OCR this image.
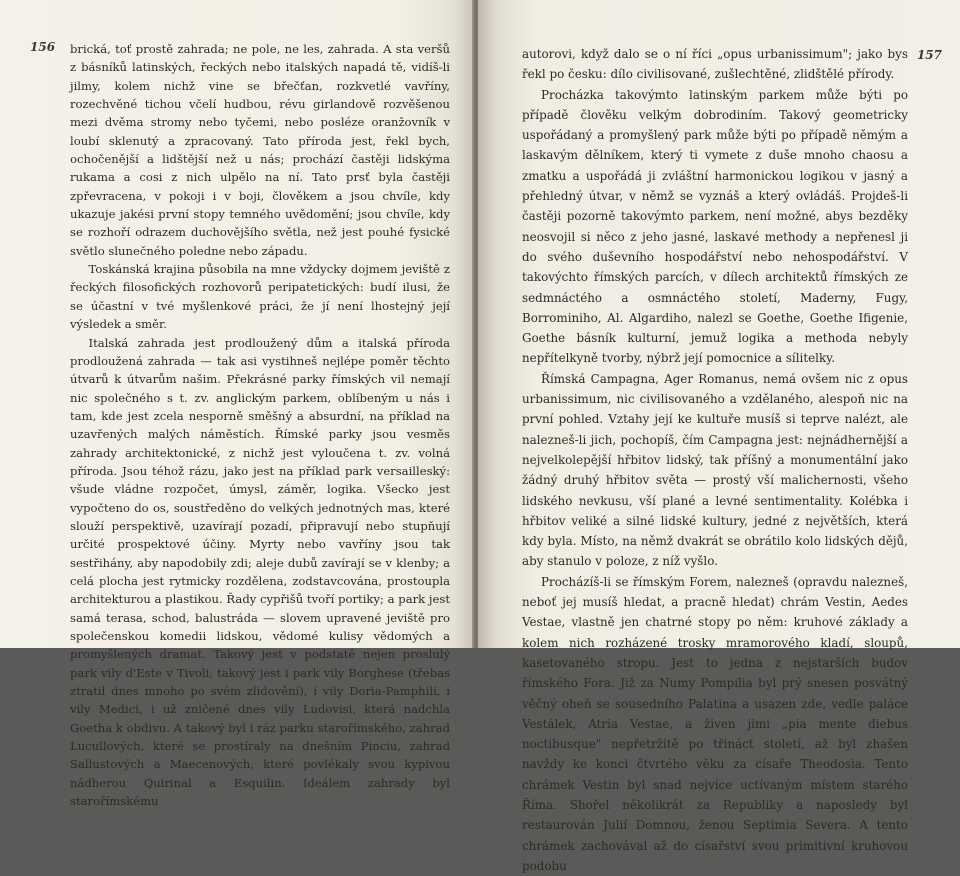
156 brická, toť prostě zahrada; ne pole, ne les, zahrada. A sta veršů z básníků latinských, řeckých nebo italských napadá tě, vidíš-li jilmy, kolem nichž vine se břečťan, rozkvetlé vavříny, rozechvěné tichou včelí hudbou, révu girlandově rozvěšenou mezi dvěma stromy nebo tyčemi, nebo posléze oranžovník v loubí sklenutý a zpracovaný. Tato příroda jest, řekl bych, ochočenější a lidštější než u nás; prochází častěji lidskýma rukama a cosi z nich ulpělo na ní. Tato prsť byla častěji zpřevracena, v pokoji i v boji, člověkem a jsou chvíle, kdy ukazuje jakési první stopy temného uvědomění; jsou chvíle, kdy se rozhoří odrazem duchovějšího světla, než jest pouhé fysické světlo slunečného poledne nebo západu.

Toskánská krajina působila na mne vždycky dojmem jeviště z řeckých filosofických rozhovorů peripatetických: budí ilusi, že se účastní v tvé myšlenkové práci, že jí není lhostejný její výsledek a směr.

Italská zahrada jest prodloužený dům a italská příroda prodloužená zahrada — tak asi vystihneš nejlépe poměr těchto útvarů k útvarům našim. Překrásné parky římských vil nemají nic společného s t. zv. anglickým parkem, oblíbeným u nás i tam, kde jest zcela nesporně směšný a absurdní, na příklad na uzavřených malých náměstích. Římské parky jsou vesměs zahrady architektonické, z nichž jest vyloučena t. zv. volná příroda. Jsou téhož rázu, jako jest na příklad park versailleský: všude vládne rozpočet, úmysl, záměr, logika. Všecko jest vypočteno do os, soustředěno do velkých jednotných mas, které slouží perspektivě, uzavírají pozadí, připravují nebo stupňují určité prospektové účiny. Myrty nebo vavříny jsou tak sestřihány, aby napodobily zdi; aleje dubů zavírají se v klenby; a celá plocha jest rytmicky rozdělena, zodstavcována, prostoupla architekturou a plastikou. Řady cypřišů tvoří portiky; a park jest samá terasa, schod, balustráda — slovem upravené jeviště pro společenskou komedii lidskou, vědomé kulisy vědomých a promyšlených dramat. Takový jest v podstatě nejen proslulý park vily d'Este v Tivoli, takový jest i park vily Borghese (třebas ztratil dnes mnoho po svém zlidovění), i vily Doria-Pamphili, i vily Medici, i už zničené dnes vily Ludovisi, která nadchla Goetha k obdivu. A takový byl i ráz parku starořímského, zahrad Lucullových, které se prostíraly na dnešním Pinciu, zahrad Sallustových a Maecenových, které povlékaly svou kypivou nádherou Quirinal a Esquilin. Ideálem zahrady byl starořímskému

157

autorovi, když dalo se o ní říci „opus urbanissimum"; jako bys řekl po česku: dílo civilisované, zušlechtěné, zlidštělé přírody.

Procházka takovýmto latinským parkem může býti po případě člověku velkým dobrodiním. Takový geometricky uspořádaný a promyšlený park může býti po případě němým a laskavým dělníkem, který ti vymete z duše mnoho chaosu a zmatku a uspořádá ji zvláštní harmonickou logikou v jasný a přehledný útvar, v němž se vyznáš a který ovládáš. Projdeš-li častěji pozorně takovýmto parkem, není možné, abys bezděky neosvojil si něco z jeho jasné, laskavé methody a nepřenesl ji do svého duševního hospodářství nebo nehospodářství. V takovýchto římských parcích, v dílech architektů římských ze sedmnáctého a osmnáctého století, Maderny, Fugy, Borrominiho, Al. Algardiho, nalezl se Goethe, Goethe Ifigenie, Goethe básník kulturní, jemuž logika a methoda nebyly nepřítelkyně tvorby, nýbrž její pomocnice a sílitelky.

Římská Campagna, Ager Romanus, nemá ovšem nic z opus urbanissimum, nic civilisovaného a vzdělaného, alespoň nic na první pohled. Vztahy její ke kultuře musíš si teprve nalézt, ale nalezneš-li jich, pochopíš, čím Campagna jest: nejnádhernější a nejvelkolepější hřbitov lidský, tak příšný a monumentální jako žádný druhý hřbitov světa — prostý vší malichernosti, všeho lidského nevkusu, vší plané a levné sentimentality. Kolébka i hřbitov veliké a silné lidské kultury, jedné z největších, která kdy byla. Místo, na němž dvakrát se obrátilo kolo lidských dějů, aby stanulo v poloze, z níž vyšlo.

Procházíš-li se římským Forem, nalezneš (opravdu nalezneš, neboť jej musíš hledat, a pracně hledat) chrám Vestin, Aedes Vestae, vlastně jen chatrné stopy po něm: kruhové základy a kolem nich rozházené trosky mramorového kladí, sloupů, kasetovaného stropu. Jest to jedna z nejstarších budov římského Fora. Již za Numy Pompilia byl prý snesen posvátný věčný oheň se sousedního Palatina a usazen zde, vedle paláce Vestálek, Atria Vestae, a živen jimi „pia mente diebus noctibusque" nepřetržitě po třináct století, až byl zhašen navždy ke konci čtvrtého věku za císaře Theodosia. Tento chrámek Vestin byl snad nejvíce uctívaným místem starého Říma. Shořel několikrát za Republiky a naposledy byl restaurován Julií Domnou, ženou Septimia Severa. A tento chrámek zachovával až do císařství svou primitivní kruhovou podobu
